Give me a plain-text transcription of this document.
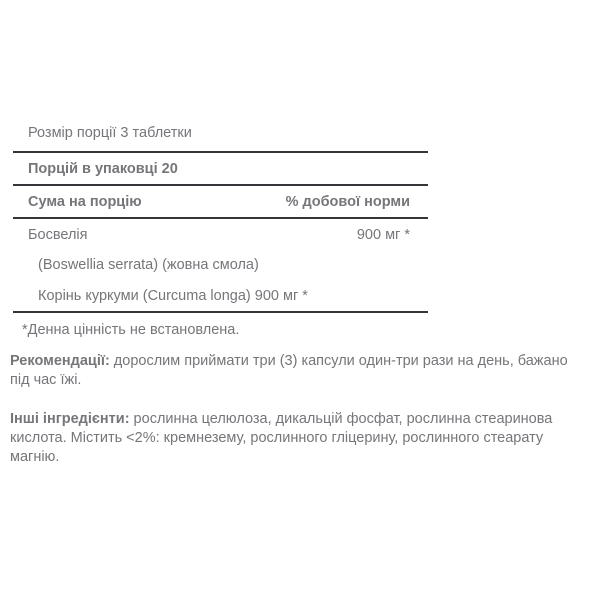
Розмір порції 3 таблетки
Порцій в упаковці 20
Сума на порцію	% добової норми
Босвелія	900 мг *
(Boswellia serrata) (жовна смола)
Корінь куркуми (Curcuma longa) 900 мг *
*Денна цінність не встановлена.

Рекомендації: дорослим приймати три (3) капсули один-три рази на день, бажано під час їжі.

Інші інгредієнти: рослинна целюлоза, дикальцій фосфат, рослинна стеаринова кислота. Містить <2%: кремнезему, рослинного гліцерину, рослинного стеарату магнію.
